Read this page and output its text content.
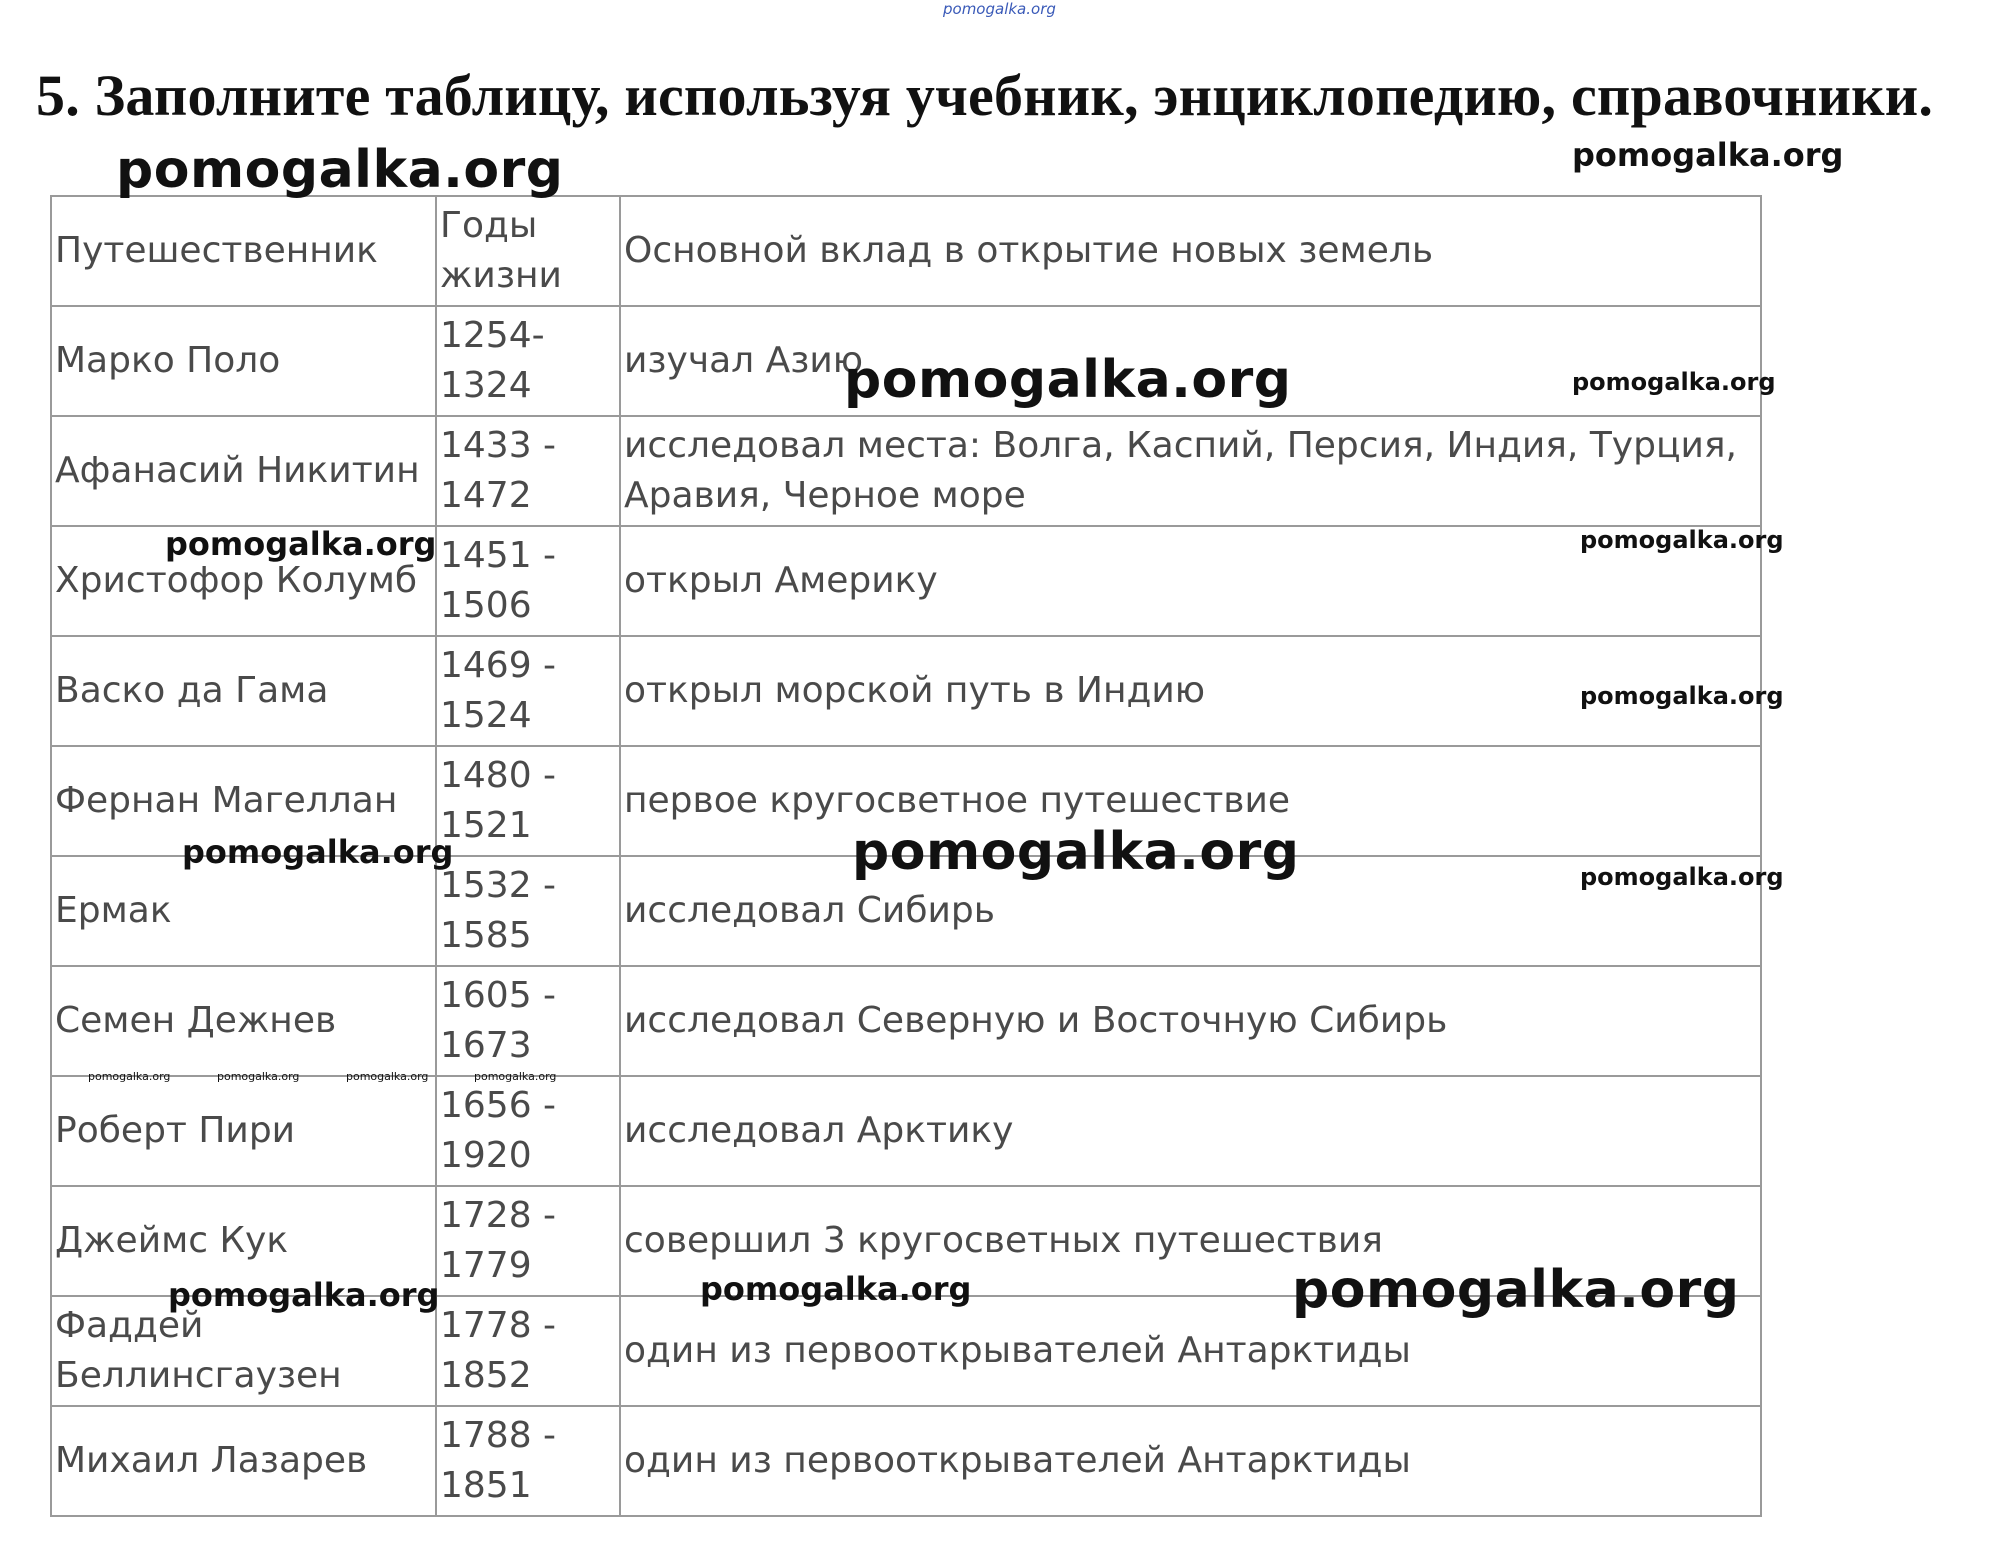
5. Заполните таблицу, используя учебник, энциклопедию, справочники.
Путешественник	Годы жизни	Основной вклад в открытие новых земель
Марко Поло	1254-1324	изучал Азию
Афанасий Никитин	1433 - 1472	исследовал места: Волга, Каспий, Персия, Индия, Турция, Аравия, Черное море
Христофор Колумб	1451 - 1506	открыл Америку
Васко да Гама	1469 - 1524	открыл морской путь в Индию
Фернан Магеллан	1480 - 1521	первое кругосветное путешествие
Ермак	1532 - 1585	исследовал Сибирь
Семен Дежнев	1605 - 1673	исследовал Северную и Восточную Сибирь
Роберт Пири	1656 - 1920	исследовал Арктику
Джеймс Кук	1728 - 1779	совершил 3 кругосветных путешествия
Фаддей Беллинсгаузен	1778 - 1852	один из первооткрывателей Антарктиды
Михаил Лазарев	1788 - 1851	один из первооткрывателей Антарктиды
pomogalka.org
pomogalka.org	pomogalka.org
pomogalka.org	pomogalka.org
pomogalka.org	pomogalka.org
pomogalka.org
pomogalka.org	pomogalka.org	pomogalka.org
pomogalka.org	pomogalka.org	pomogalka.org	pomogalka.org
pomogalka.org	pomogalka.org	pomogalka.org
